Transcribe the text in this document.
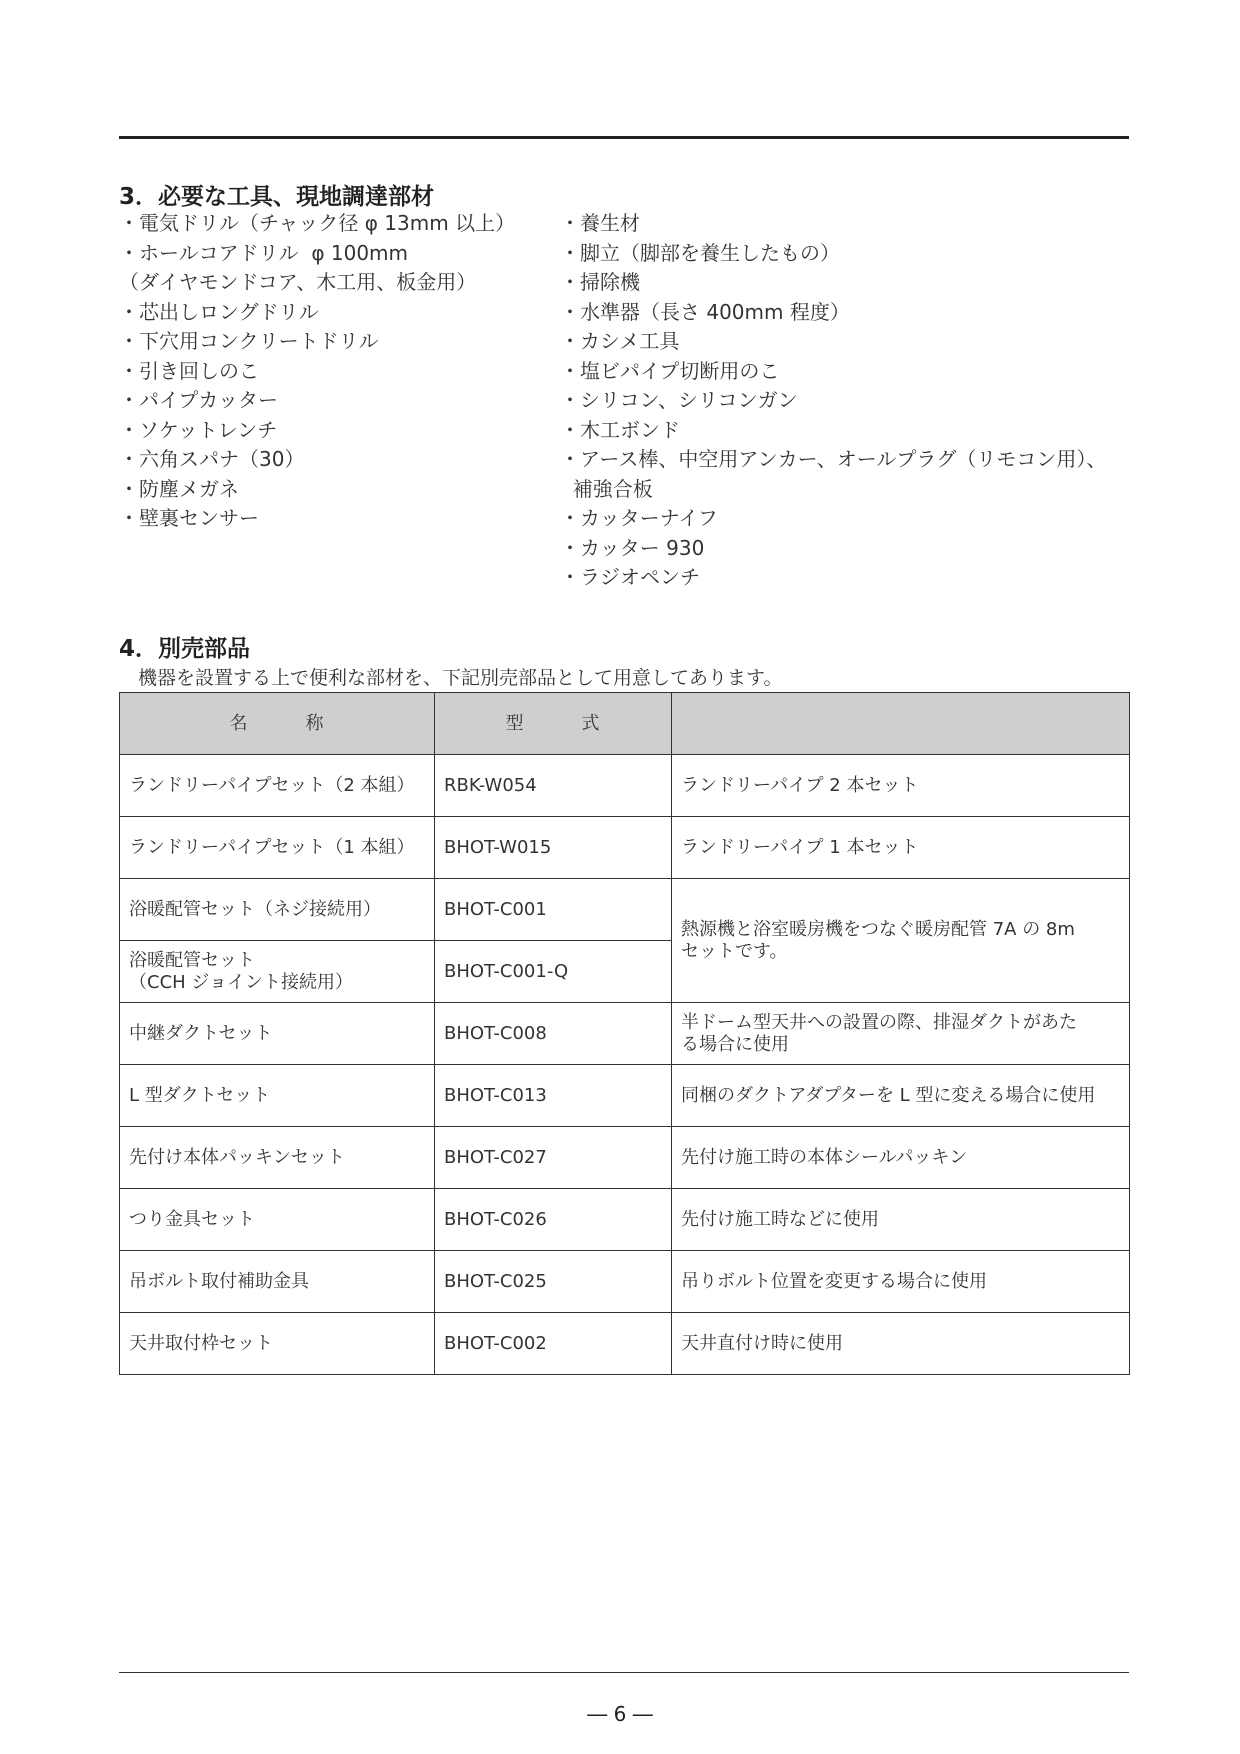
3．必要な工具、現地調達部材
・電気ドリル（チャック径 φ 13mm 以上）
・ホールコアドリル  φ 100mm
（ダイヤモンドコア、木工用、板金用）
・芯出しロングドリル
・下穴用コンクリートドリル
・引き回しのこ
・パイプカッター
・ソケットレンチ
・六角スパナ（30）
・防塵メガネ
・壁裏センサー
・養生材
・脚立（脚部を養生したもの）
・掃除機
・水準器（長さ 400mm 程度）
・カシメ工具
・塩ビパイプ切断用のこ
・シリコン、シリコンガン
・木工ボンド
・アース棒、中空用アンカー、オールプラグ（リモコン用）、
補強合板
・カッターナイフ
・カッター 930
・ラジオペンチ
4．別売部品

機器を設置する上で便利な部材を、下記別売部品として用意してあります。

名　　　称	型　　　式	
ランドリーパイプセット（2 本組）	RBK-W054	ランドリーパイプ 2 本セット
ランドリーパイプセット（1 本組）	BHOT-W015	ランドリーパイプ 1 本セット
浴暖配管セット（ネジ接続用）	BHOT-C001	熱源機と浴室暖房機をつなぐ暖房配管 7A の 8m
セットです。
浴暖配管セット
（CCH ジョイント接続用）	BHOT-C001-Q	
中継ダクトセット	BHOT-C008	半ドーム型天井への設置の際、排湿ダクトがあた
る場合に使用
L 型ダクトセット	BHOT-C013	同梱のダクトアダプターを L 型に変える場合に使用
先付け本体パッキンセット	BHOT-C027	先付け施工時の本体シールパッキン
つり金具セット	BHOT-C026	先付け施工時などに使用
吊ボルト取付補助金具	BHOT-C025	吊りボルト位置を変更する場合に使用
天井取付枠セット	BHOT-C002	天井直付け時に使用
― 6 ―
